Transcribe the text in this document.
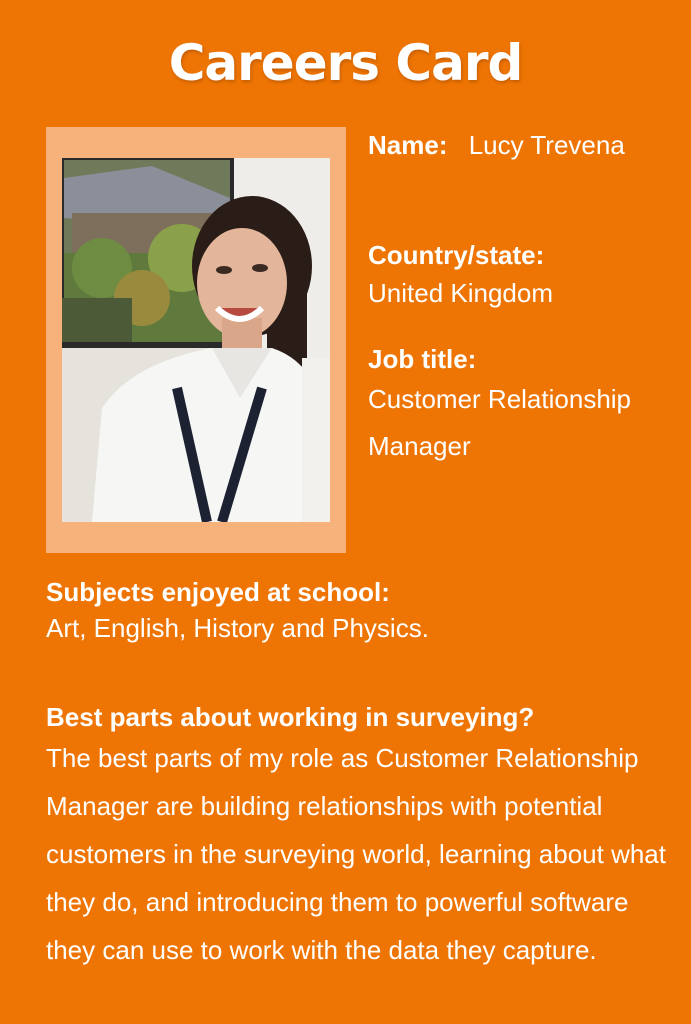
Careers Card
Name: Lucy Trevena
Country/state:
United Kingdom
Job title:
Customer Relationship Manager
Subjects enjoyed at school:
Art, English, History and Physics.
Best parts about working in surveying?
The best parts of my role as Customer Relationship Manager are building relationships with potential customers in the surveying world, learning about what they do, and introducing them to powerful software they can use to work with the data they capture.
